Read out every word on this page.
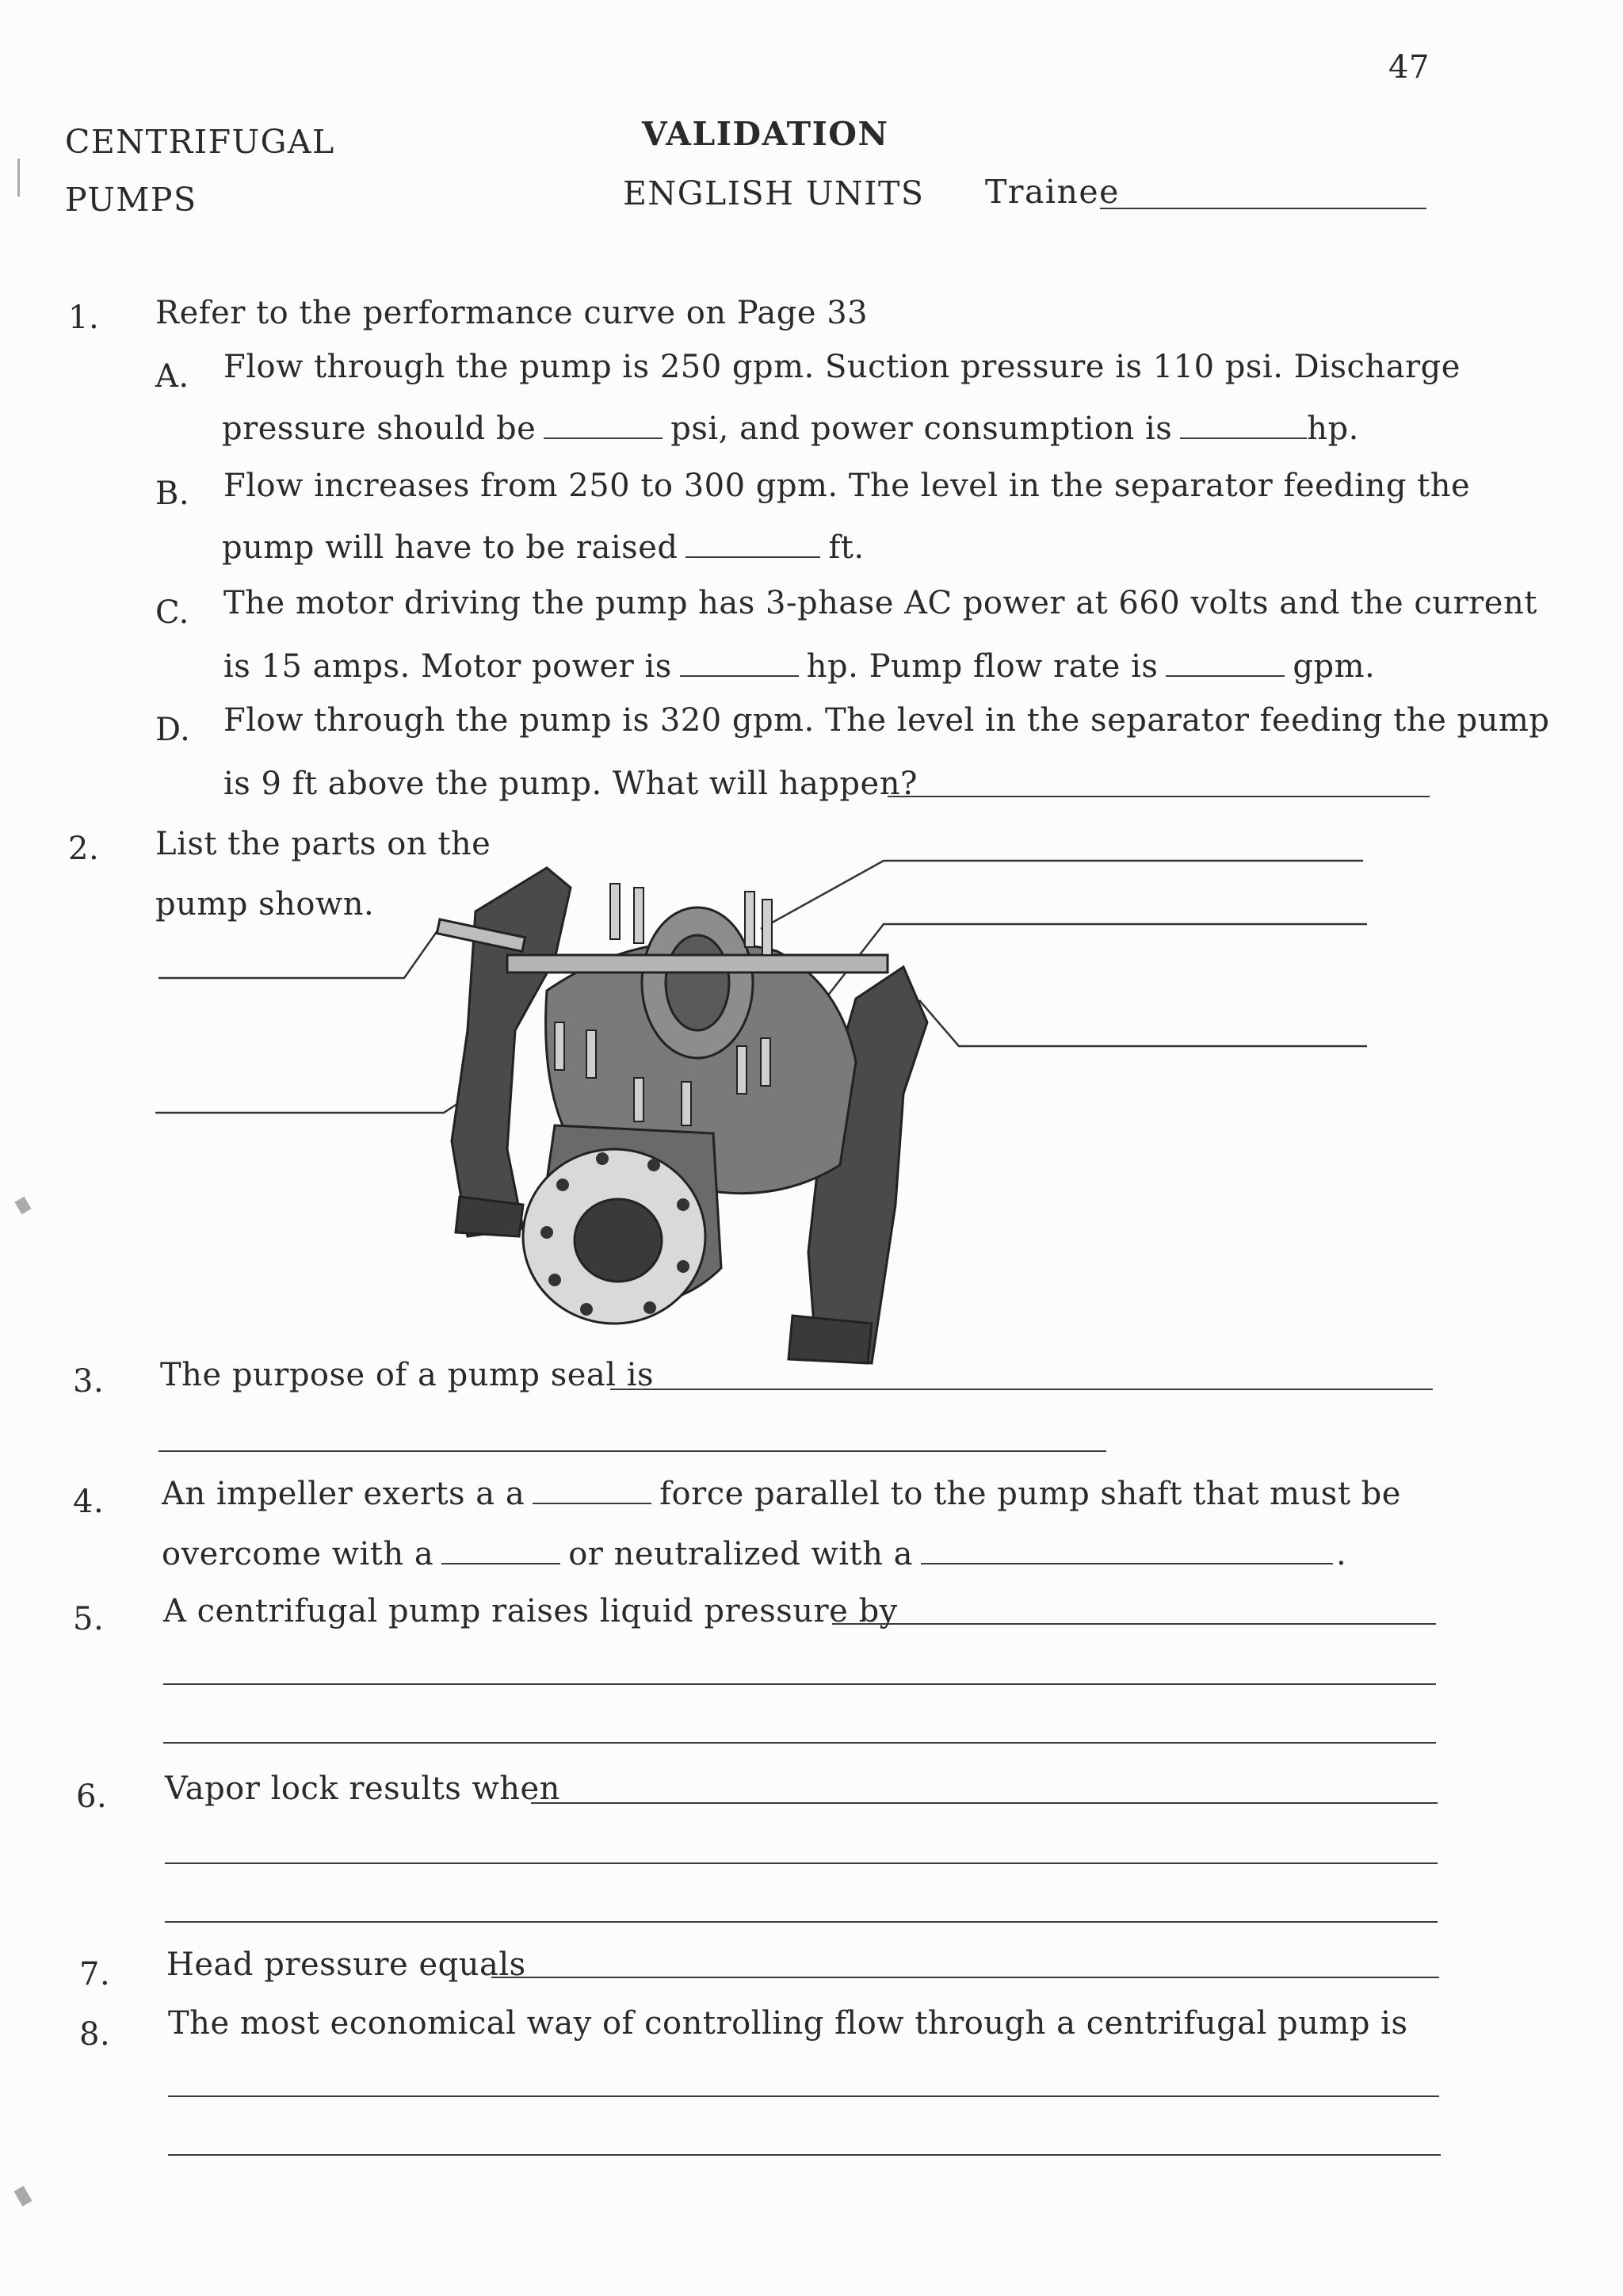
47
CENTRIFUGAL
PUMPS
VALIDATION
ENGLISH UNITS Trainee
1. Refer to the performance curve on Page 33
A. Flow through the pump is 250 gpm. Suction pressure is 110 psi. Discharge
pressure should be	psi, and power consumption is	hp.
B. Flow increases from 250 to 300 gpm. The level in the separator feeding the
pump will have to be raised	ft.
C. The motor driving the pump has 3-phase AC power at 660 volts and the current
is 15 amps. Motor power is	hp. Pump flow rate is	gpm.
D. Flow through the pump is 320 gpm. The level in the separator feeding the pump
is 9 ft above the pump. What will happen?
2. List the parts on the
pump shown.
3. The purpose of a pump seal is
4. An impeller exerts a a	force parallel to the pump shaft that must be
overcome with a	or neutralized with a	.
5. A centrifugal pump raises liquid pressure by
6. Vapor lock results when
7. Head pressure equals
8. The most economical way of controlling flow through a centrifugal pump is
